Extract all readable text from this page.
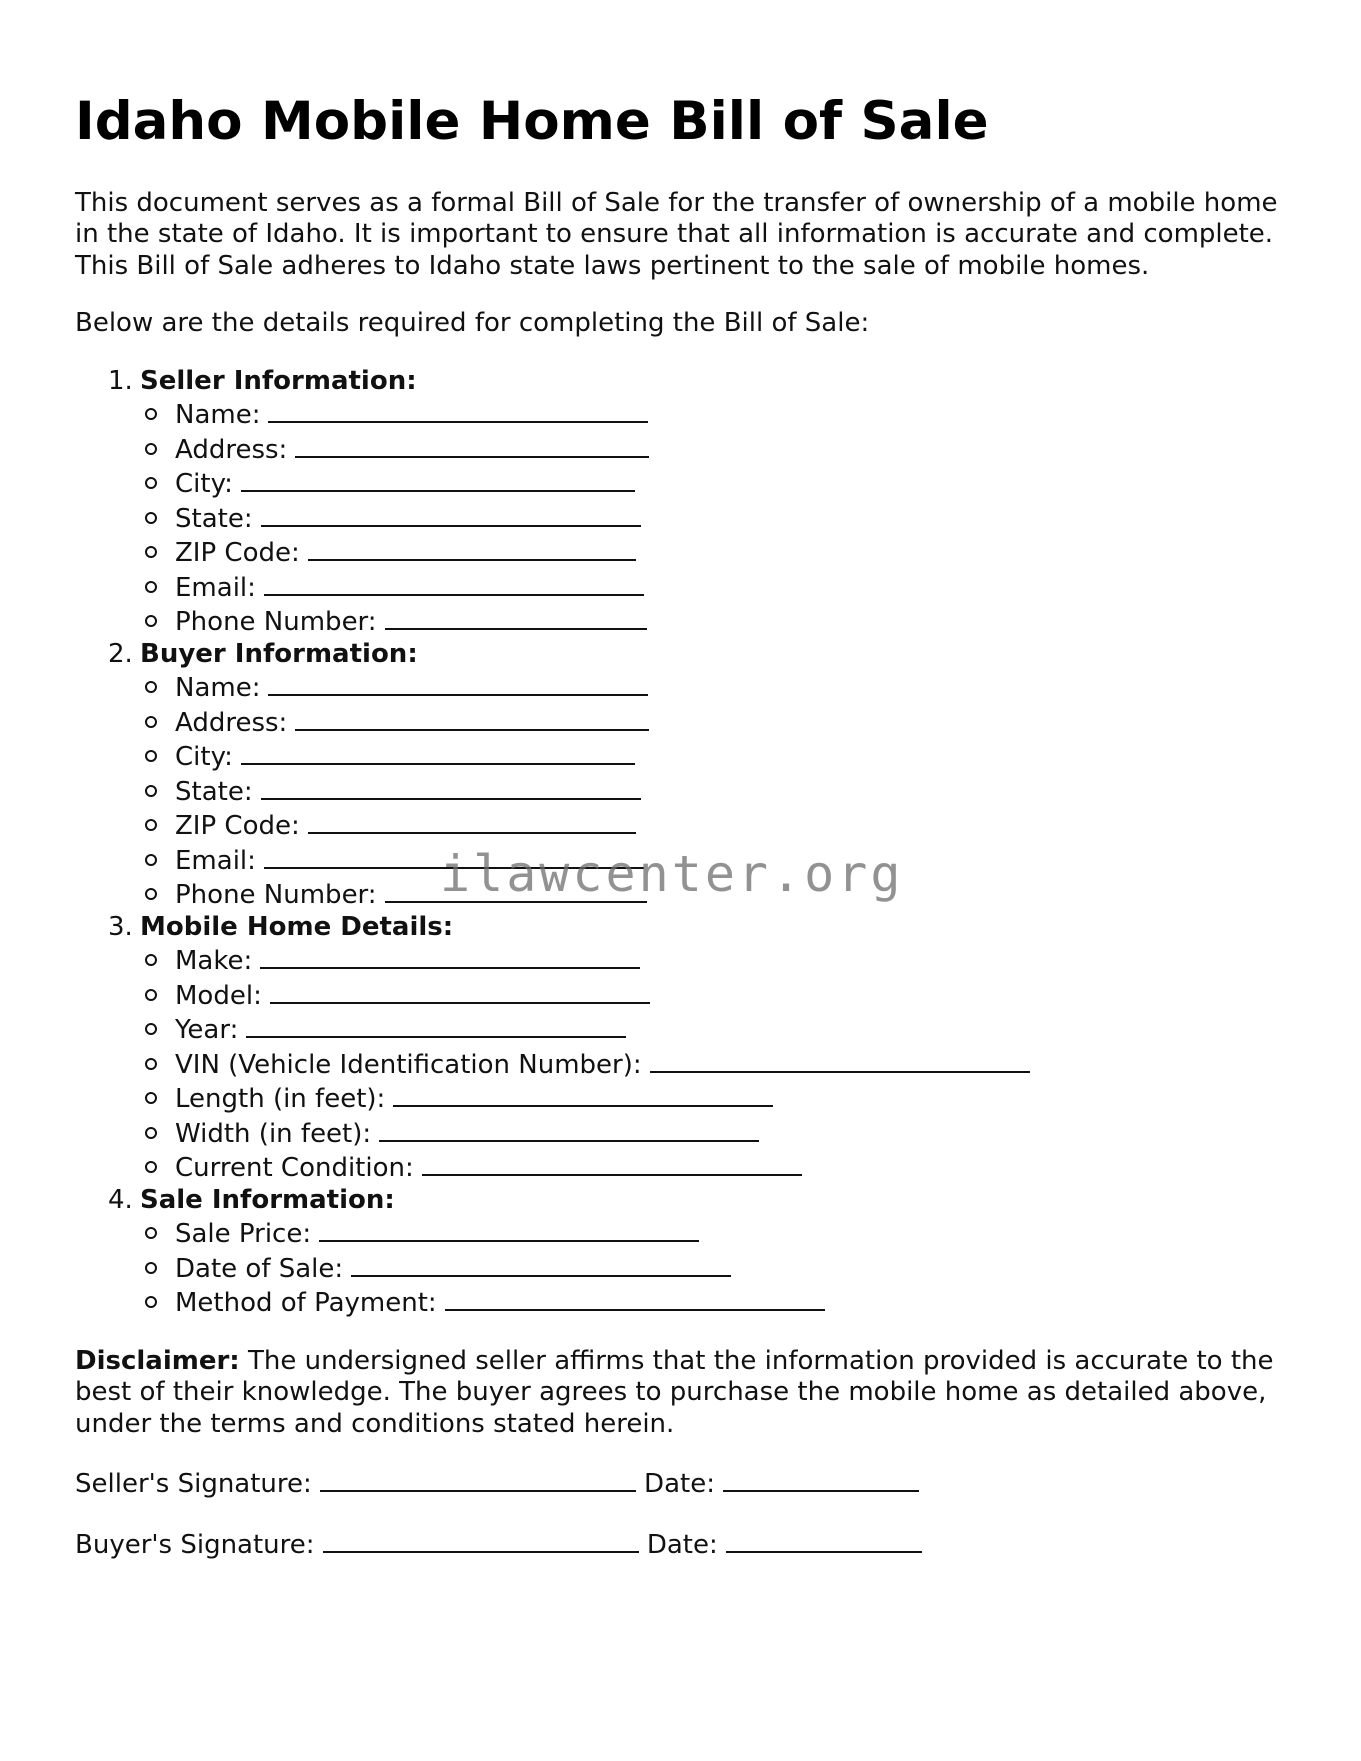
Idaho Mobile Home Bill of Sale

This document serves as a formal Bill of Sale for the transfer of ownership of a mobile home in the state of Idaho. It is important to ensure that all information is accurate and complete. This Bill of Sale adheres to Idaho state laws pertinent to the sale of mobile homes.

Below are the details required for completing the Bill of Sale:

1. Seller Information:
Name:
Address:
City:
State:
ZIP Code:
Email:
Phone Number:
2. Buyer Information:
Name:
Address:
City:
State:
ZIP Code:
Email:
Phone Number:
3. Mobile Home Details:
Make:
Model:
Year:
VIN (Vehicle Identification Number):
Length (in feet):
Width (in feet):
Current Condition:
4. Sale Information:
Sale Price:
Date of Sale:
Method of Payment:

Disclaimer: The undersigned seller affirms that the information provided is accurate to the best of their knowledge. The buyer agrees to purchase the mobile home as detailed above, under the terms and conditions stated herein.

Seller's Signature:	Date:
Buyer's Signature:	Date:
ilawcenter.org
